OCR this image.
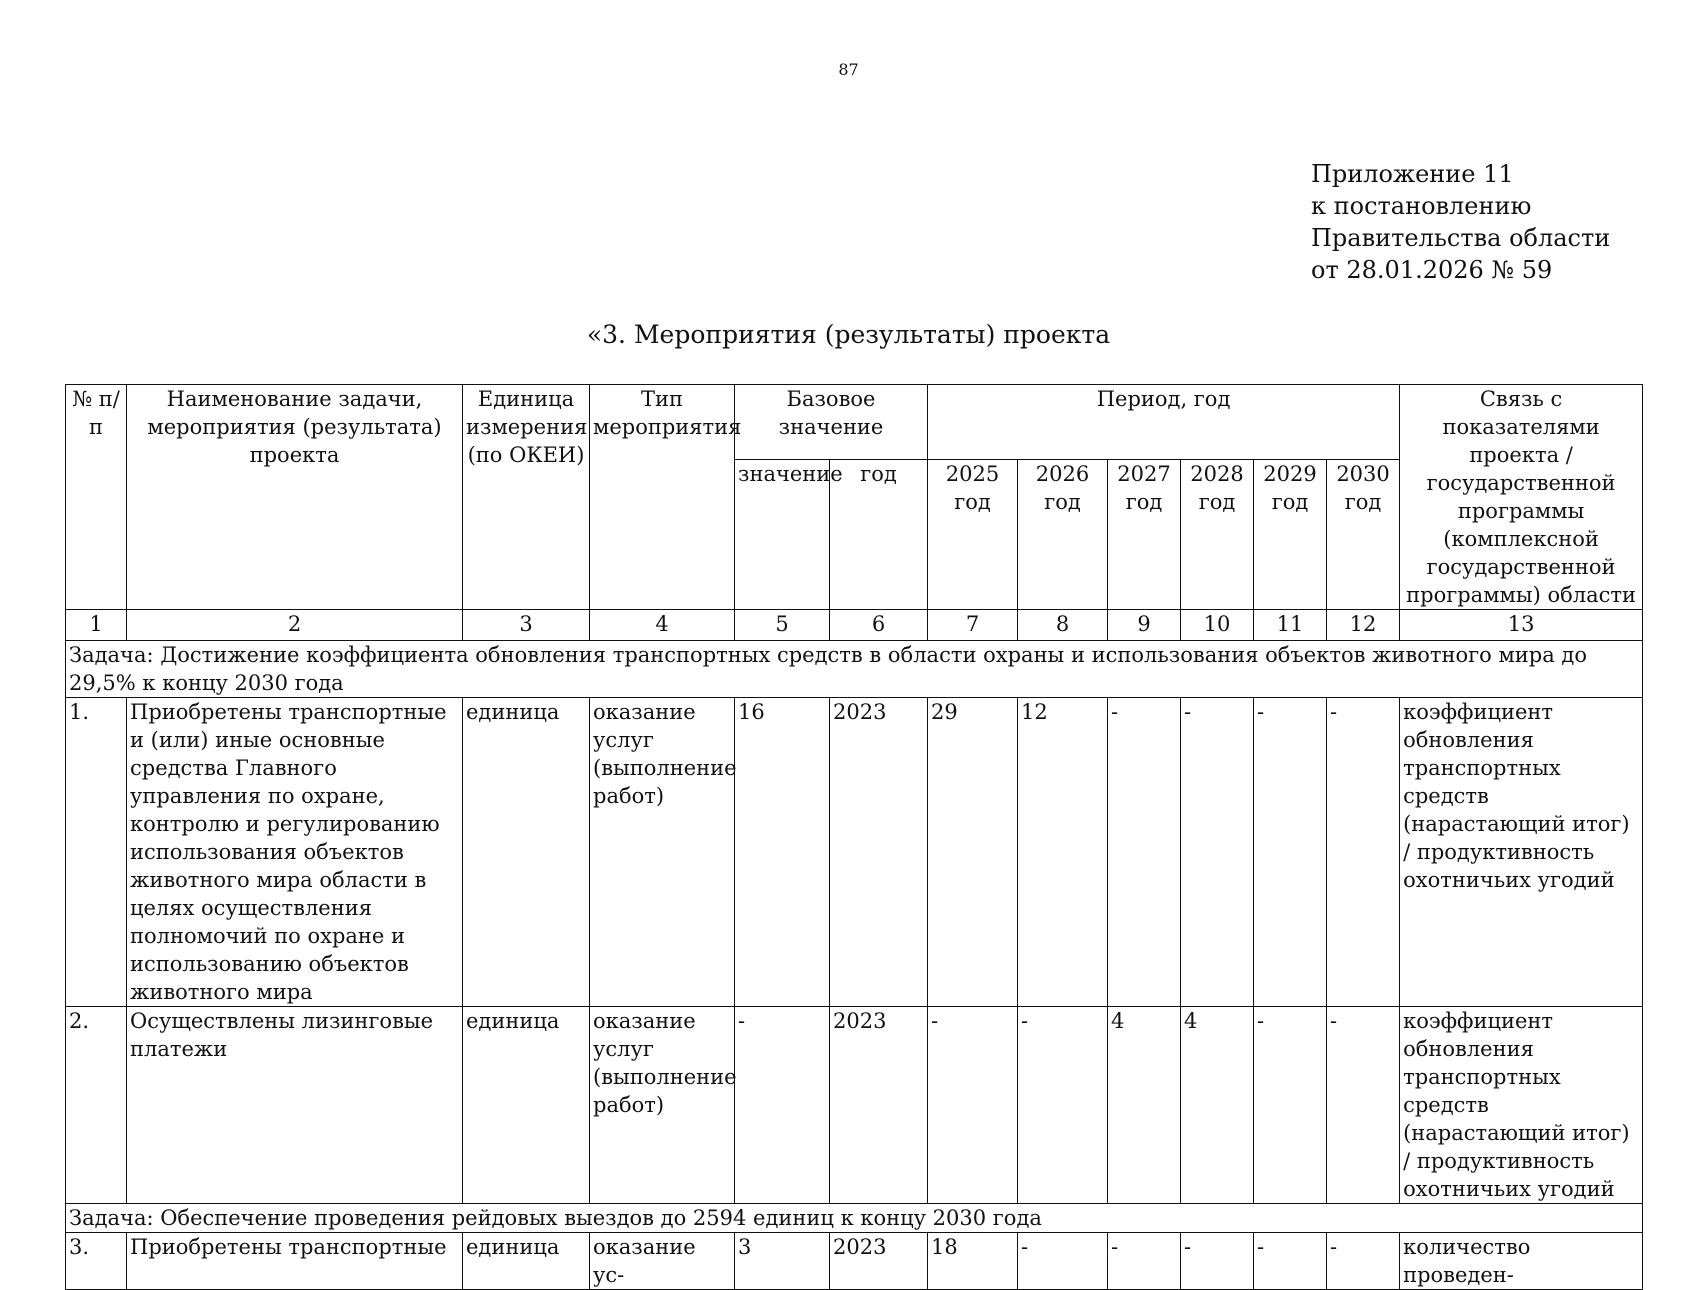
87
Приложение 11
к постановлению
Правительства области
от 28.01.2026 № 59
«3. Мероприятия (результаты) проекта
№ п/п	Наименование задачи, мероприятия (результата) проекта	Единица измерения (по ОКЕИ)	Тип мероприятия	Базовое значение		Период, год						Связь с показателями проекта / государственной программы (комплексной государственной программы) области
				значение	год	2025 год	2026 год	2027 год	2028 год	2029 год	2030 год	
1	2	3	4	5	6	7	8	9	10	11	12	13
Задача: Достижение коэффициента обновления транспортных средств в области охраны и использования объектов животного мира до 29,5% к концу 2030 года												
1.	Приобретены транспортные и (или) иные основные средства Главного управления по охране, контролю и регулированию использования объектов животного мира области в целях осуществления полномочий по охране и использованию объектов животного мира	единица	оказание услуг (выполнение работ)	16	2023	29	12	-	-	-	-	коэффициент обновления транспортных средств (нарастающий итог) / продуктивность охотничьих угодий
2.	Осуществлены лизинговые платежи	единица	оказание услуг (выполнение работ)	-	2023	-	-	4	4	-	-	коэффициент обновления транспортных средств (нарастающий итог) / продуктивность охотничьих угодий
Задача: Обеспечение проведения рейдовых выездов до 2594 единиц к концу 2030 года												
3.	Приобретены транспортные	единица	оказание ус-	3	2023	18	-	-	-	-	-	количество проведен-
